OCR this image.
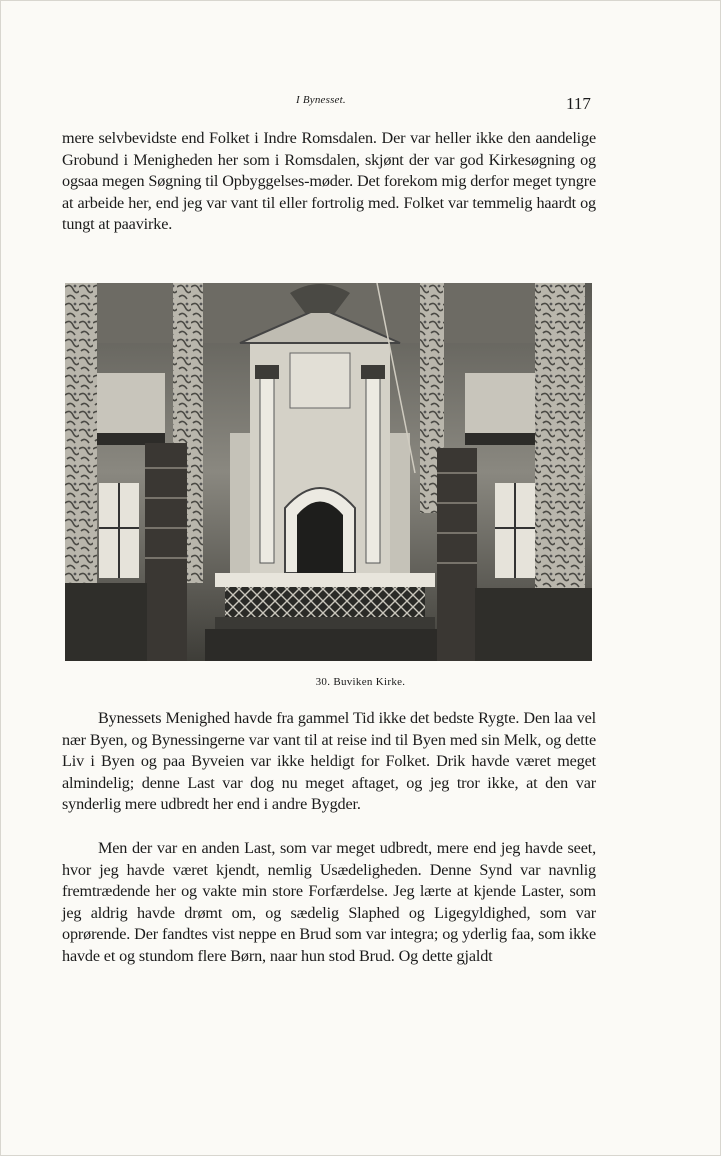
I Bynesset.	117

mere selvbevidste end Folket i Indre Romsdalen. Der var heller ikke den aandelige Grobund i Menigheden her som i Romsdalen, skjønt der var god Kirkesøgning og ogsaa megen Søgning til Opbyggelses-møder. Det forekom mig derfor meget tyngre at arbeide her, end jeg var vant til eller fortrolig med. Folket var temmelig haardt og tungt at paavirke.

30. Buviken Kirke.

Bynessets Menighed havde fra gammel Tid ikke det bedste Rygte. Den laa vel nær Byen, og Bynessingerne var vant til at reise ind til Byen med sin Melk, og dette Liv i Byen og paa Byveien var ikke heldigt for Folket. Drik havde været meget almindelig; denne Last var dog nu meget aftaget, og jeg tror ikke, at den var synderlig mere udbredt her end i andre Bygder.

Men der var en anden Last, som var meget udbredt, mere end jeg havde seet, hvor jeg havde været kjendt, nemlig Usædeligheden. Denne Synd var navnlig fremtrædende her og vakte min store Forfærdelse. Jeg lærte at kjende Laster, som jeg aldrig havde drømt om, og sædelig Slaphed og Ligegyldighed, som var oprørende. Der fandtes vist neppe en Brud som var integra; og yderlig faa, som ikke havde et og stundom flere Børn, naar hun stod Brud. Og dette gjaldt
